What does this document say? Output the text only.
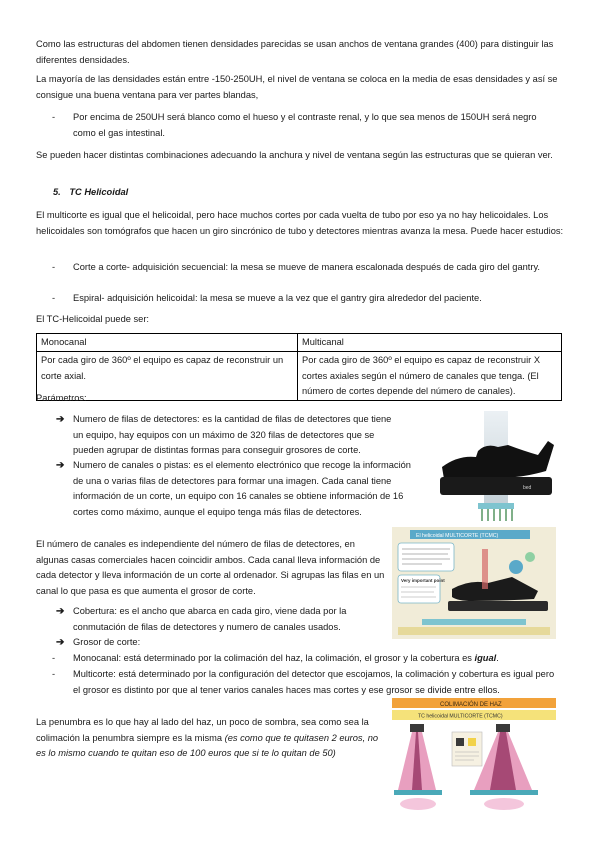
Como las estructuras del abdomen tienen densidades parecidas se usan anchos de ventana grandes (400) para distinguir las diferentes densidades.

La mayoría de las densidades están entre -150-250UH, el nivel de ventana se coloca en la media de esas densidades y así se consigue una buena ventana para ver partes blandas,

- Por encima de 250UH será blanco como el hueso y el contraste renal, y lo que sea menos de 150UH será negro como el gas intestinal.

Se pueden hacer distintas combinaciones adecuando la anchura y nivel de ventana según las estructuras que se quieran ver.

5. TC Helicoidal

El multicorte es igual que el helicoidal, pero hace muchos cortes por cada vuelta de tubo por eso ya no hay helicoidales. Los helicoidales son tomógrafos que hacen un giro sincrónico de tubo y detectores mientras avanza la mesa. Puede hacer estudios:

- Corte a corte- adquisición secuencial: la mesa se mueve de manera escalonada después de cada giro del gantry.

- Espiral- adquisición helicoidal: la mesa se mueve a la vez que el gantry gira alrededor del paciente.

El TC-Helicoidal puede ser:

Monocanal	Multicanal
Por cada giro de 360º el equipo es capaz de reconstruir un corte axial.	Por cada giro de 360º el equipo es capaz de reconstruir X cortes axiales según el número de canales que tenga. (El número de cortes depende del número de canales).

Parámetros:

➔ Numero de filas de detectores: es la cantidad de filas de detectores que tiene un equipo, hay equipos con un máximo de 320 filas de detectores que se pueden agrupar de distintas formas para conseguir grosores de corte.

➔ Numero de canales o pistas: es el elemento electrónico que recoge la información de una o varias filas de detectores para formar una imagen. Cada canal tiene información de un corte, un equipo con 16 canales se obtiene información de 16 cortes como máximo, aunque el equipo tenga más filas de detectores.

El número de canales es independiente del número de filas de detectores, en algunas casas comerciales hacen coincidir ambos. Cada canal lleva información de cada detector y lleva información de un corte al ordenador. Si agrupas las filas en un canal lo que pasa es que aumenta el grosor de corte.

➔ Cobertura: es el ancho que abarca en cada giro, viene dada por la conmutación de filas de detectores y numero de canales usados.

➔ Grosor de corte:

- Monocanal: está determinado por la colimación del haz, la colimación, el grosor y la cobertura es igual.

- Multicorte: está determinado por la configuración del detector que escojamos, la colimación y cobertura es igual pero el grosor es distinto por que al tener varios canales haces mas cortes y ese grosor se divide entre ellos.

La penumbra es lo que hay al lado del haz, un poco de sombra, sea como sea la colimación la penumbra siempre es la misma (es como que te quitasen 2 euros, no es lo mismo cuando te quitan eso de 100 euros que si te lo quitan de 50)

bed
El helicoidal MULTICORTE (TCMC)
Very important point
COLIMACIÓN DE HAZ
TC helicoidal MULTICORTE (TCMC)
